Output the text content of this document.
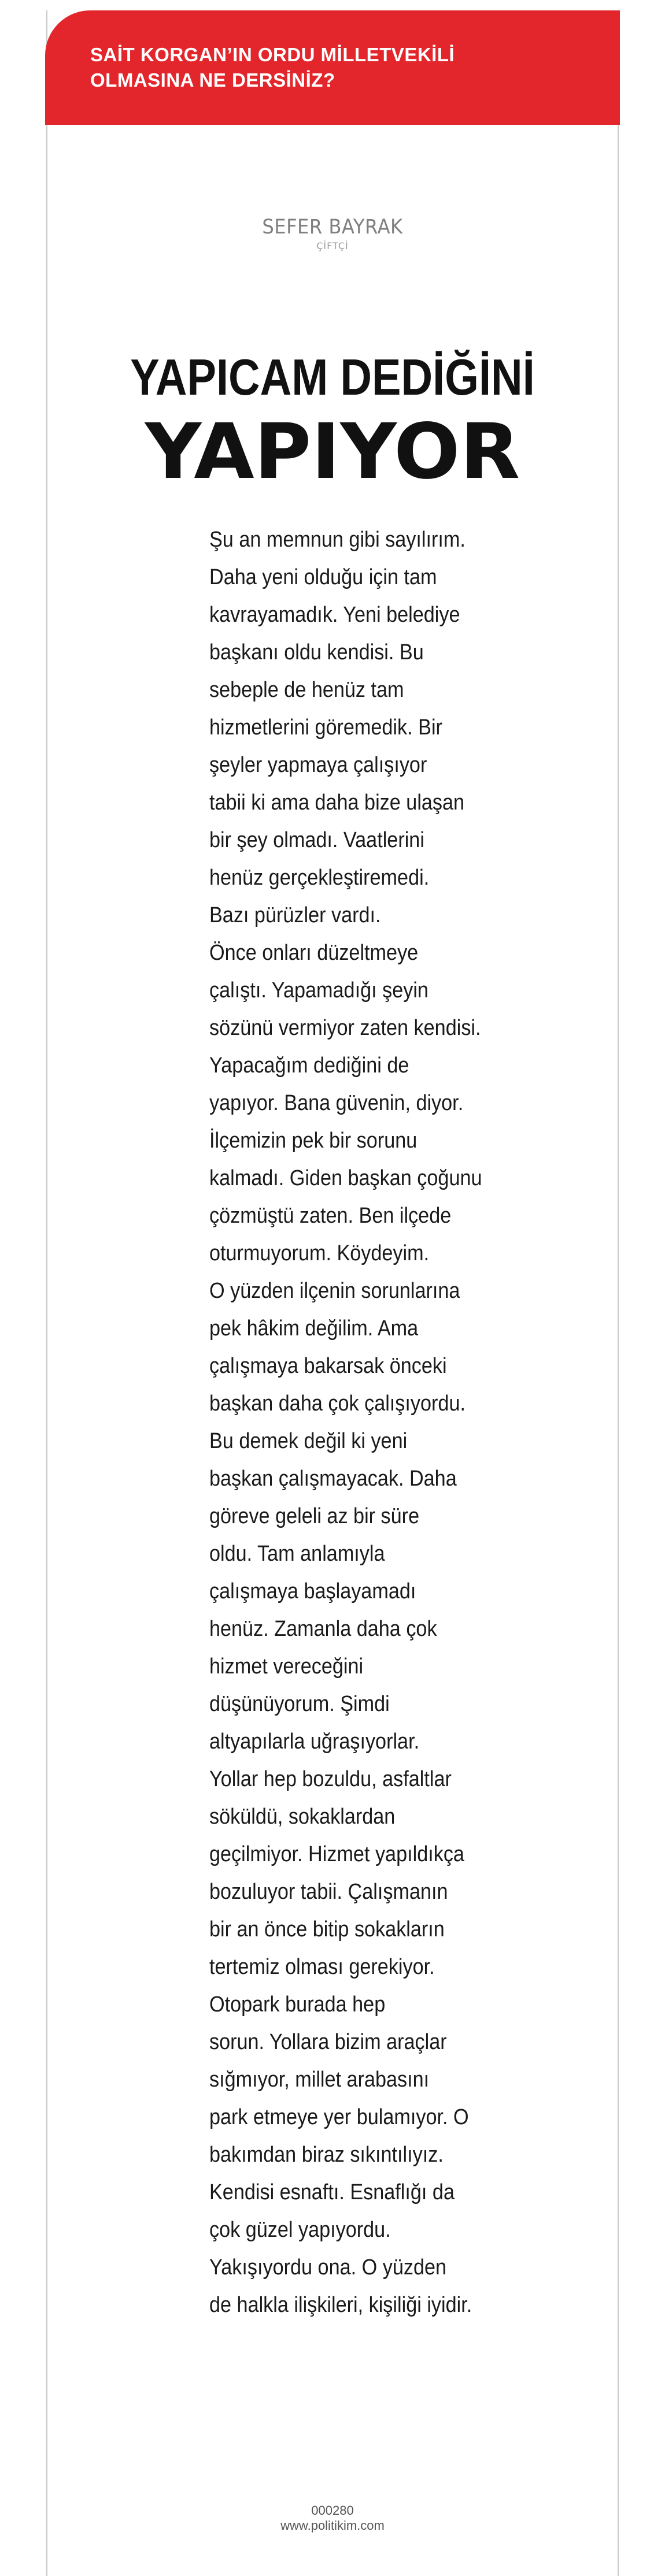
SAİT KORGAN’IN ORDU MİLLETVEKİLİ
OLMASINA NE DERSİNİZ?
SEFER BAYRAK
ÇİFTÇİ
YAPICAM DEDİĞİNİ
YAPIYOR
Şu an memnun gibi sayılırım.
Daha yeni olduğu için tam
kavrayamadık. Yeni belediye
başkanı oldu kendisi. Bu
sebeple de henüz tam
hizmetlerini göremedik. Bir
şeyler yapmaya çalışıyor
tabii ki ama daha bize ulaşan
bir şey olmadı. Vaatlerini
henüz gerçekleştiremedi.
Bazı pürüzler vardı.
Önce onları düzeltmeye
çalıştı. Yapamadığı şeyin
sözünü vermiyor zaten kendisi.
Yapacağım dediğini de
yapıyor. Bana güvenin, diyor.
İlçemizin pek bir sorunu
kalmadı. Giden başkan çoğunu
çözmüştü zaten. Ben ilçede
oturmuyorum. Köydeyim.
O yüzden ilçenin sorunlarına
pek hâkim değilim. Ama
çalışmaya bakarsak önceki
başkan daha çok çalışıyordu.
Bu demek değil ki yeni
başkan çalışmayacak. Daha
göreve geleli az bir süre
oldu. Tam anlamıyla
çalışmaya başlayamadı
henüz. Zamanla daha çok
hizmet vereceğini
düşünüyorum. Şimdi
altyapılarla uğraşıyorlar.
Yollar hep bozuldu, asfaltlar
söküldü, sokaklardan
geçilmiyor. Hizmet yapıldıkça
bozuluyor tabii. Çalışmanın
bir an önce bitip sokakların
tertemiz olması gerekiyor.
Otopark burada hep
sorun. Yollara bizim araçlar
sığmıyor, millet arabasını
park etmeye yer bulamıyor. O
bakımdan biraz sıkıntılıyız.
Kendisi esnaftı. Esnaflığı da
çok güzel yapıyordu.
Yakışıyordu ona. O yüzden
de halkla ilişkileri, kişiliği iyidir.
000280
www.politikim.com
